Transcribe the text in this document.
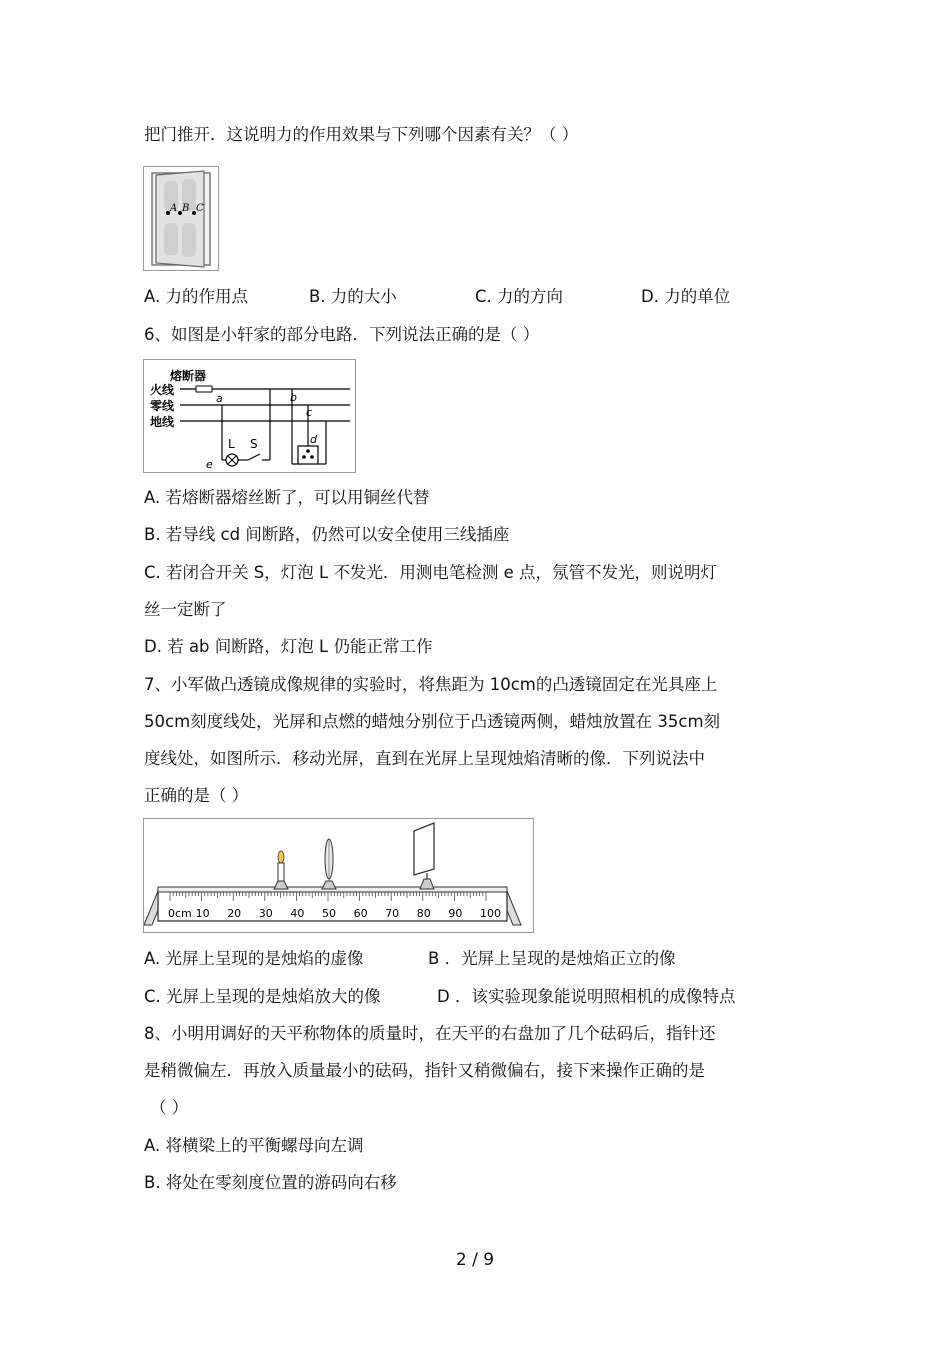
把门推开．这说明力的作用效果与下列哪个因素有关？（ ）
A B C
A. 力的作用点	B. 力的大小	C. 力的方向	D. 力的单位
6、如图是小轩家的部分电路．下列说法正确的是（ ）
熔断器
火线
零线
地线
a	b
c
d
e
L S
A. 若熔断器熔丝断了，可以用铜丝代替
B. 若导线 cd 间断路，仍然可以安全使用三线插座
C. 若闭合开关 S，灯泡 L 不发光．用测电笔检测 e 点，氖管不发光，则说明灯
丝一定断了
D. 若 ab 间断路，灯泡 L 仍能正常工作
7、小军做凸透镜成像规律的实验时，将焦距为 10cm的凸透镜固定在光具座上
50cm刻度线处，光屏和点燃的蜡烛分别位于凸透镜两侧，蜡烛放置在 35cm刻
度线处，如图所示．移动光屏，直到在光屏上呈现烛焰清晰的像．下列说法中
正确的是（ ）
0cm 10 20 30 40 50 60 70 80 90 100
A. 光屏上呈现的是烛焰的虚像	B ．光屏上呈现的是烛焰正立的像
C. 光屏上呈现的是烛焰放大的像	D ．该实验现象能说明照相机的成像特点
8、小明用调好的天平称物体的质量时，在天平的右盘加了几个砝码后，指针还
是稍微偏左．再放入质量最小的砝码，指针又稍微偏右，接下来操作正确的是
（ ）
A. 将横梁上的平衡螺母向左调
B. 将处在零刻度位置的游码向右移
2 / 9
